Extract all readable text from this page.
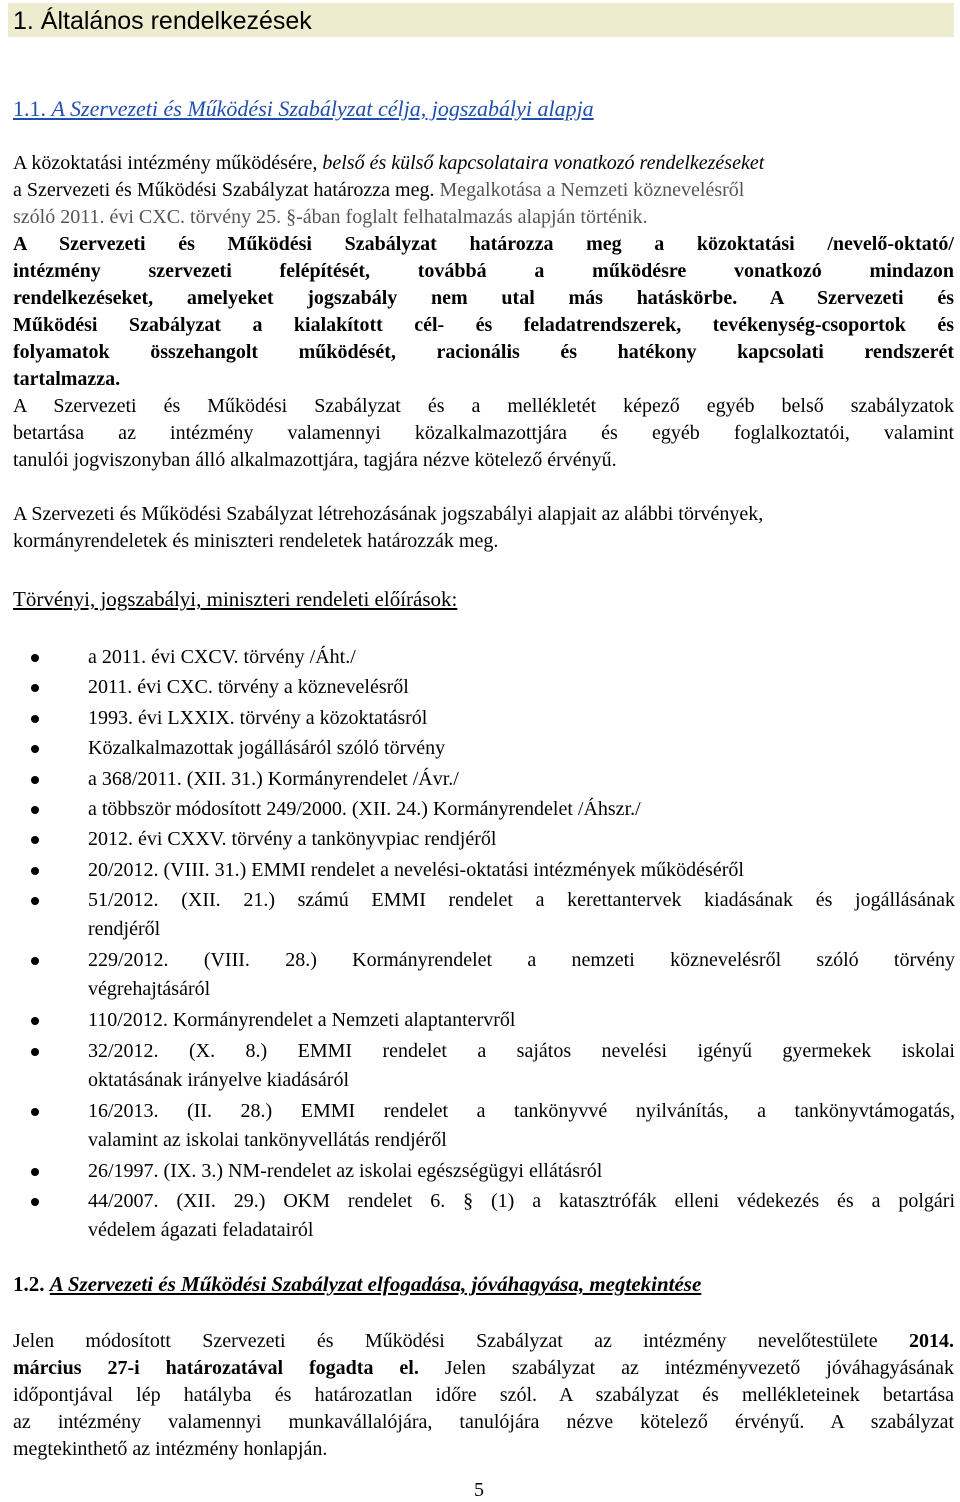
1. Általános rendelkezések
1.1. A Szervezeti és Működési Szabályzat célja, jogszabályi alapja
A közoktatási intézmény működésére, belső és külső kapcsolataira vonatkozó rendelkezéseket
a Szervezeti és Működési Szabályzat határozza meg. Megalkotása a Nemzeti köznevelésről
szóló 2011. évi CXC. törvény 25. §-ában foglalt felhatalmazás alapján történik.
A Szervezeti és Működési Szabályzat határozza meg a közoktatási /nevelő-oktató/
intézmény szervezeti felépítését, továbbá a működésre vonatkozó mindazon
rendelkezéseket, amelyeket jogszabály nem utal más hatáskörbe. A Szervezeti és
Működési Szabályzat a kialakított cél- és feladatrendszerek, tevékenység-csoportok és
folyamatok összehangolt működését, racionális és hatékony kapcsolati rendszerét
tartalmazza.
A Szervezeti és Működési Szabályzat és a mellékletét képező egyéb belső szabályzatok
betartása az intézmény valamennyi közalkalmazottjára és egyéb foglalkoztatói, valamint
tanulói jogviszonyban álló alkalmazottjára, tagjára nézve kötelező érvényű.
A Szervezeti és Működési Szabályzat létrehozásának jogszabályi alapjait az alábbi törvények,
kormányrendeletek és miniszteri rendeletek határozzák meg.
Törvényi, jogszabályi, miniszteri rendeleti előírások:
a 2011. évi CXCV. törvény /Áht./
2011. évi CXC. törvény a köznevelésről
1993. évi LXXIX. törvény a közoktatásról
Közalkalmazottak jogállásáról szóló törvény
a 368/2011. (XII. 31.) Kormányrendelet /Ávr./
a többször módosított 249/2000. (XII. 24.) Kormányrendelet /Áhszr./
2012. évi CXXV. törvény a tankönyvpiac rendjéről
20/2012. (VIII. 31.) EMMI rendelet a nevelési-oktatási intézmények működéséről
51/2012. (XII. 21.) számú EMMI rendelet a kerettantervek kiadásának és jogállásának
rendjéről
229/2012. (VIII. 28.) Kormányrendelet a nemzeti köznevelésről szóló törvény
végrehajtásáról
110/2012. Kormányrendelet a Nemzeti alaptantervről
32/2012. (X. 8.) EMMI rendelet a sajátos nevelési igényű gyermekek iskolai
oktatásának irányelve kiadásáról
16/2013. (II. 28.) EMMI rendelet a tankönyvvé nyilvánítás, a tankönyvtámogatás,
valamint az iskolai tankönyvellátás rendjéről
26/1997. (IX. 3.) NM-rendelet az iskolai egészségügyi ellátásról
44/2007. (XII. 29.) OKM rendelet 6. § (1) a katasztrófák elleni védekezés és a polgári
védelem ágazati feladatairól
1.2. A Szervezeti és Működési Szabályzat elfogadása, jóváhagyása, megtekintése
Jelen módosított Szervezeti és Működési Szabályzat az intézmény nevelőtestülete 2014.
március 27-i határozatával fogadta el. Jelen szabályzat az intézményvezető jóváhagyásának
időpontjával lép hatályba és határozatlan időre szól. A szabályzat és mellékleteinek betartása
az intézmény valamennyi munkavállalójára, tanulójára nézve kötelező érvényű. A szabályzat
megtekinthető az intézmény honlapján.
5
